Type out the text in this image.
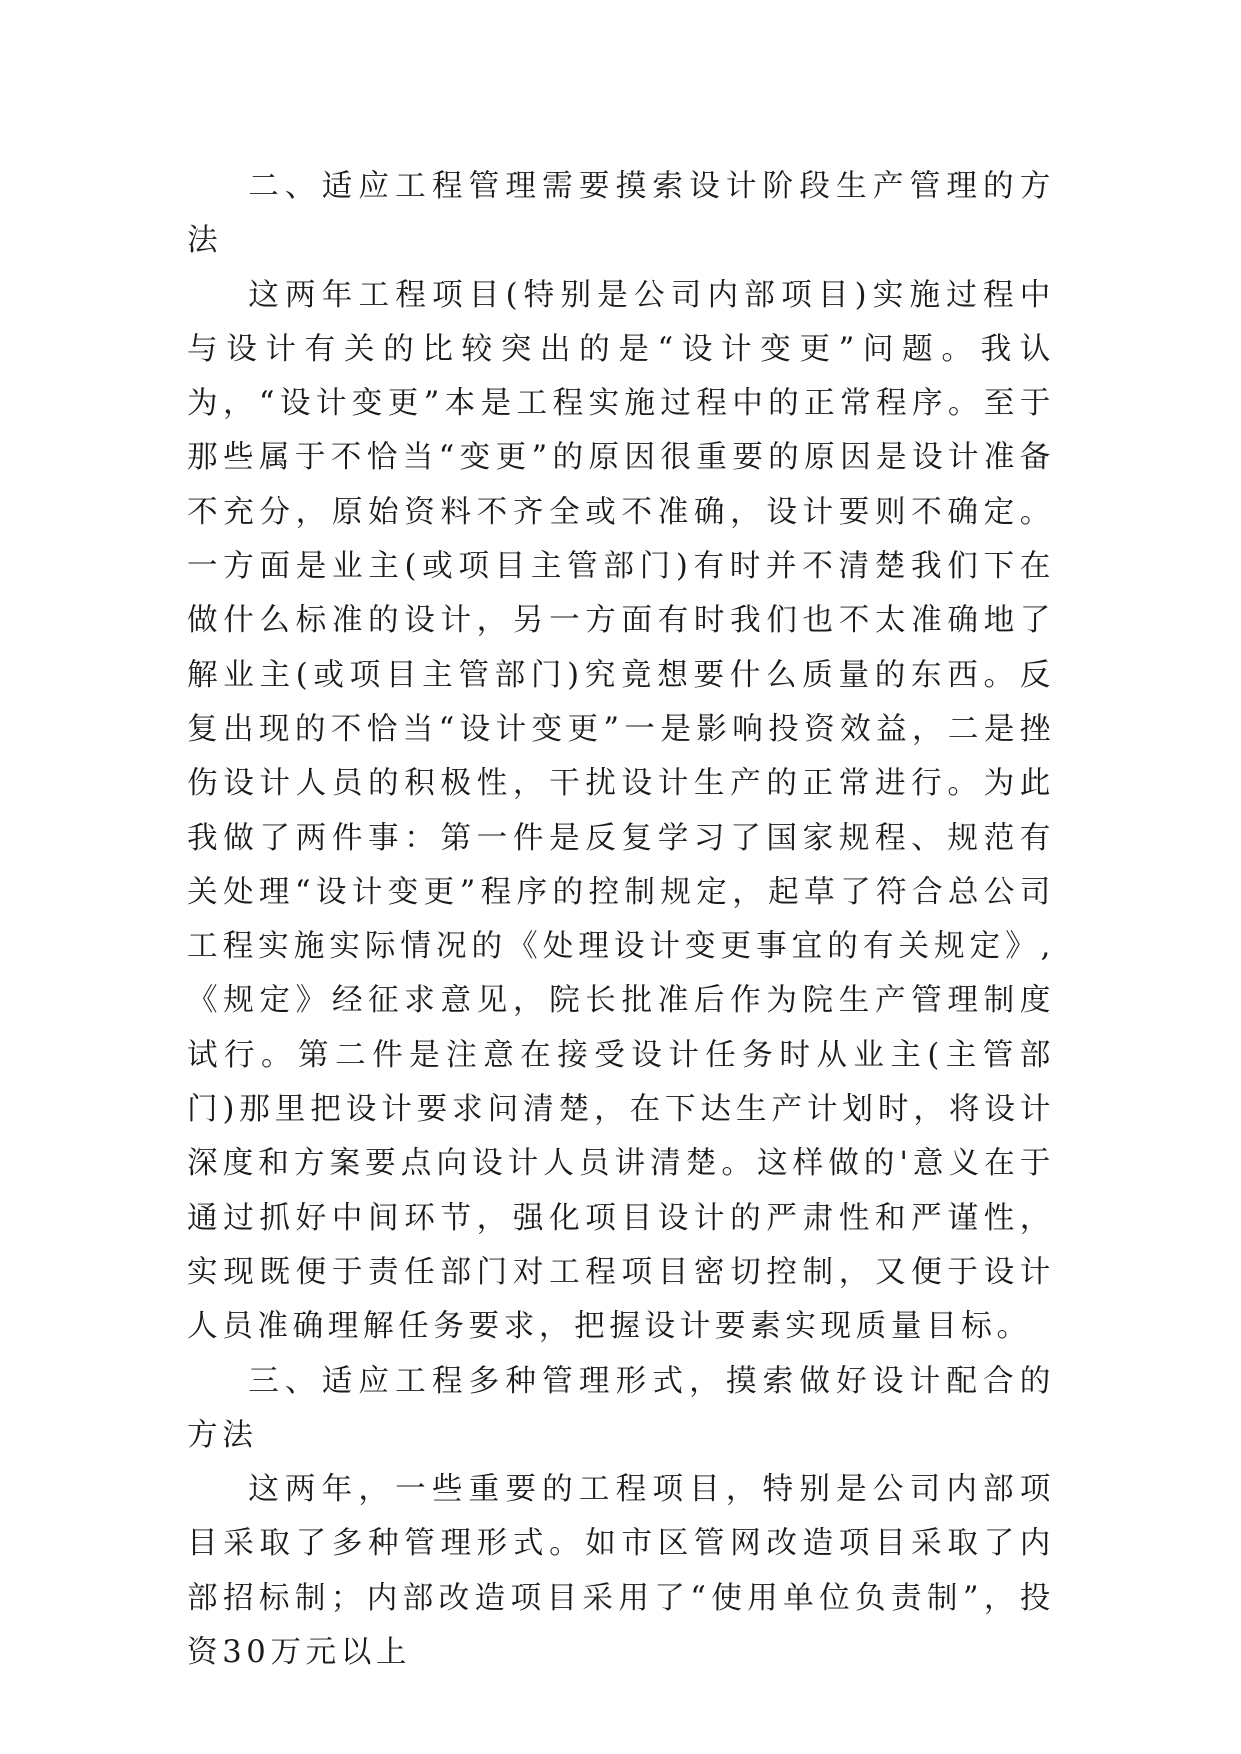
二、适应工程管理需要摸索设计阶段生产管理的方法

这两年工程项目(特别是公司内部项目)实施过程中与设计有关的比较突出的是“设计变更”问题。我认为，“设计变更”本是工程实施过程中的正常程序。至于那些属于不恰当“变更”的原因很重要的原因是设计准备不充分，原始资料不齐全或不准确，设计要则不确定。一方面是业主(或项目主管部门)有时并不清楚我们下在做什么标准的设计，另一方面有时我们也不太准确地了解业主(或项目主管部门)究竟想要什么质量的东西。反复出现的不恰当“设计变更”一是影响投资效益，二是挫伤设计人员的积极性，干扰设计生产的正常进行。为此我做了两件事：第一件是反复学习了国家规程、规范有关处理“设计变更”程序的控制规定，起草了符合总公司工程实施实际情况的《处理设计变更事宜的有关规定》,《规定》经征求意见，院长批准后作为院生产管理制度试行。第二件是注意在接受设计任务时从业主(主管部门)那里把设计要求问清楚，在下达生产计划时，将设计深度和方案要点向设计人员讲清楚。这样做的'意义在于通过抓好中间环节，强化项目设计的严肃性和严谨性，实现既便于责任部门对工程项目密切控制，又便于设计人员准确理解任务要求，把握设计要素实现质量目标。

三、适应工程多种管理形式，摸索做好设计配合的方法

这两年，一些重要的工程项目，特别是公司内部项目采取了多种管理形式。如市区管网改造项目采取了内部招标制；内部改造项目采用了“使用单位负责制”，投资30万元以上
